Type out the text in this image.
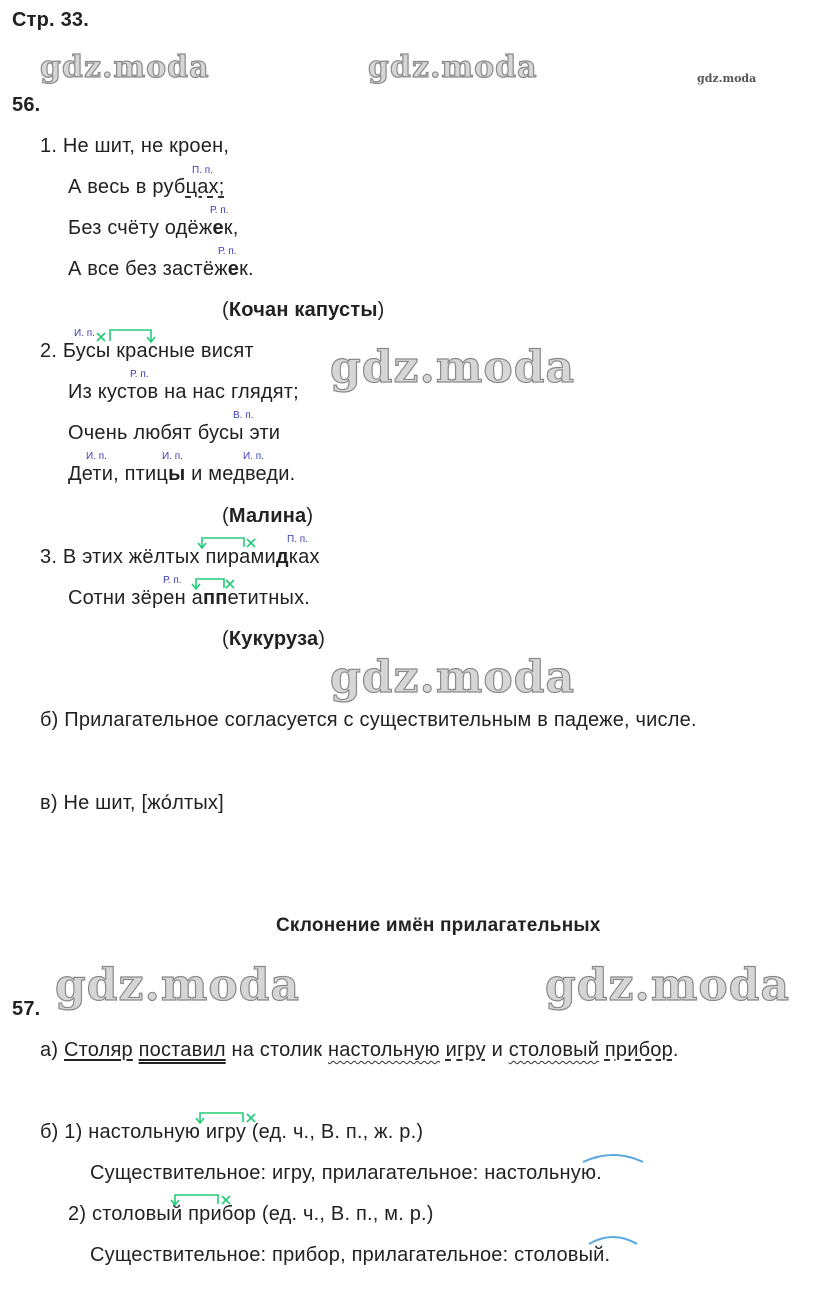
Стр. 33.
gdz.moda	gdz.moda	gdz.moda
gdz.moda
gdz.moda
gdz.moda	gdz.moda
56.
1. Не шит, не кроен,
А весь в рубцах;
Без счёту одёжек,
А все без застёжек.
П. п.
Р. п.
Р. п.
(Кочан капусты)
2. Бусы красные висят
Из кустов на нас глядят;
Очень любят бусы эти
Дети, птицы и медведи.
И. п.
Р. п.
В. п.
И. п.	И. п.	И. п.
(Малина)
3. В этих жёлтых пирамидках
Сотни зёрен аппетитных.
П. п.
Р. п.
(Кукуруза)
б) Прилагательное согласуется с существительным в падеже, числе.
в) Не шит, [жо́лтых]
Склонение имён прилагательных
57.
а) Столяр поставил на столик настольную игру и столовый прибор.
б) 1) настольную игру (ед. ч., В. п., ж. р.)
Существительное: игру, прилагательное: настольную.
2) столовый прибор (ед. ч., В. п., м. р.)
Существительное: прибор, прилагательное: столовый.
